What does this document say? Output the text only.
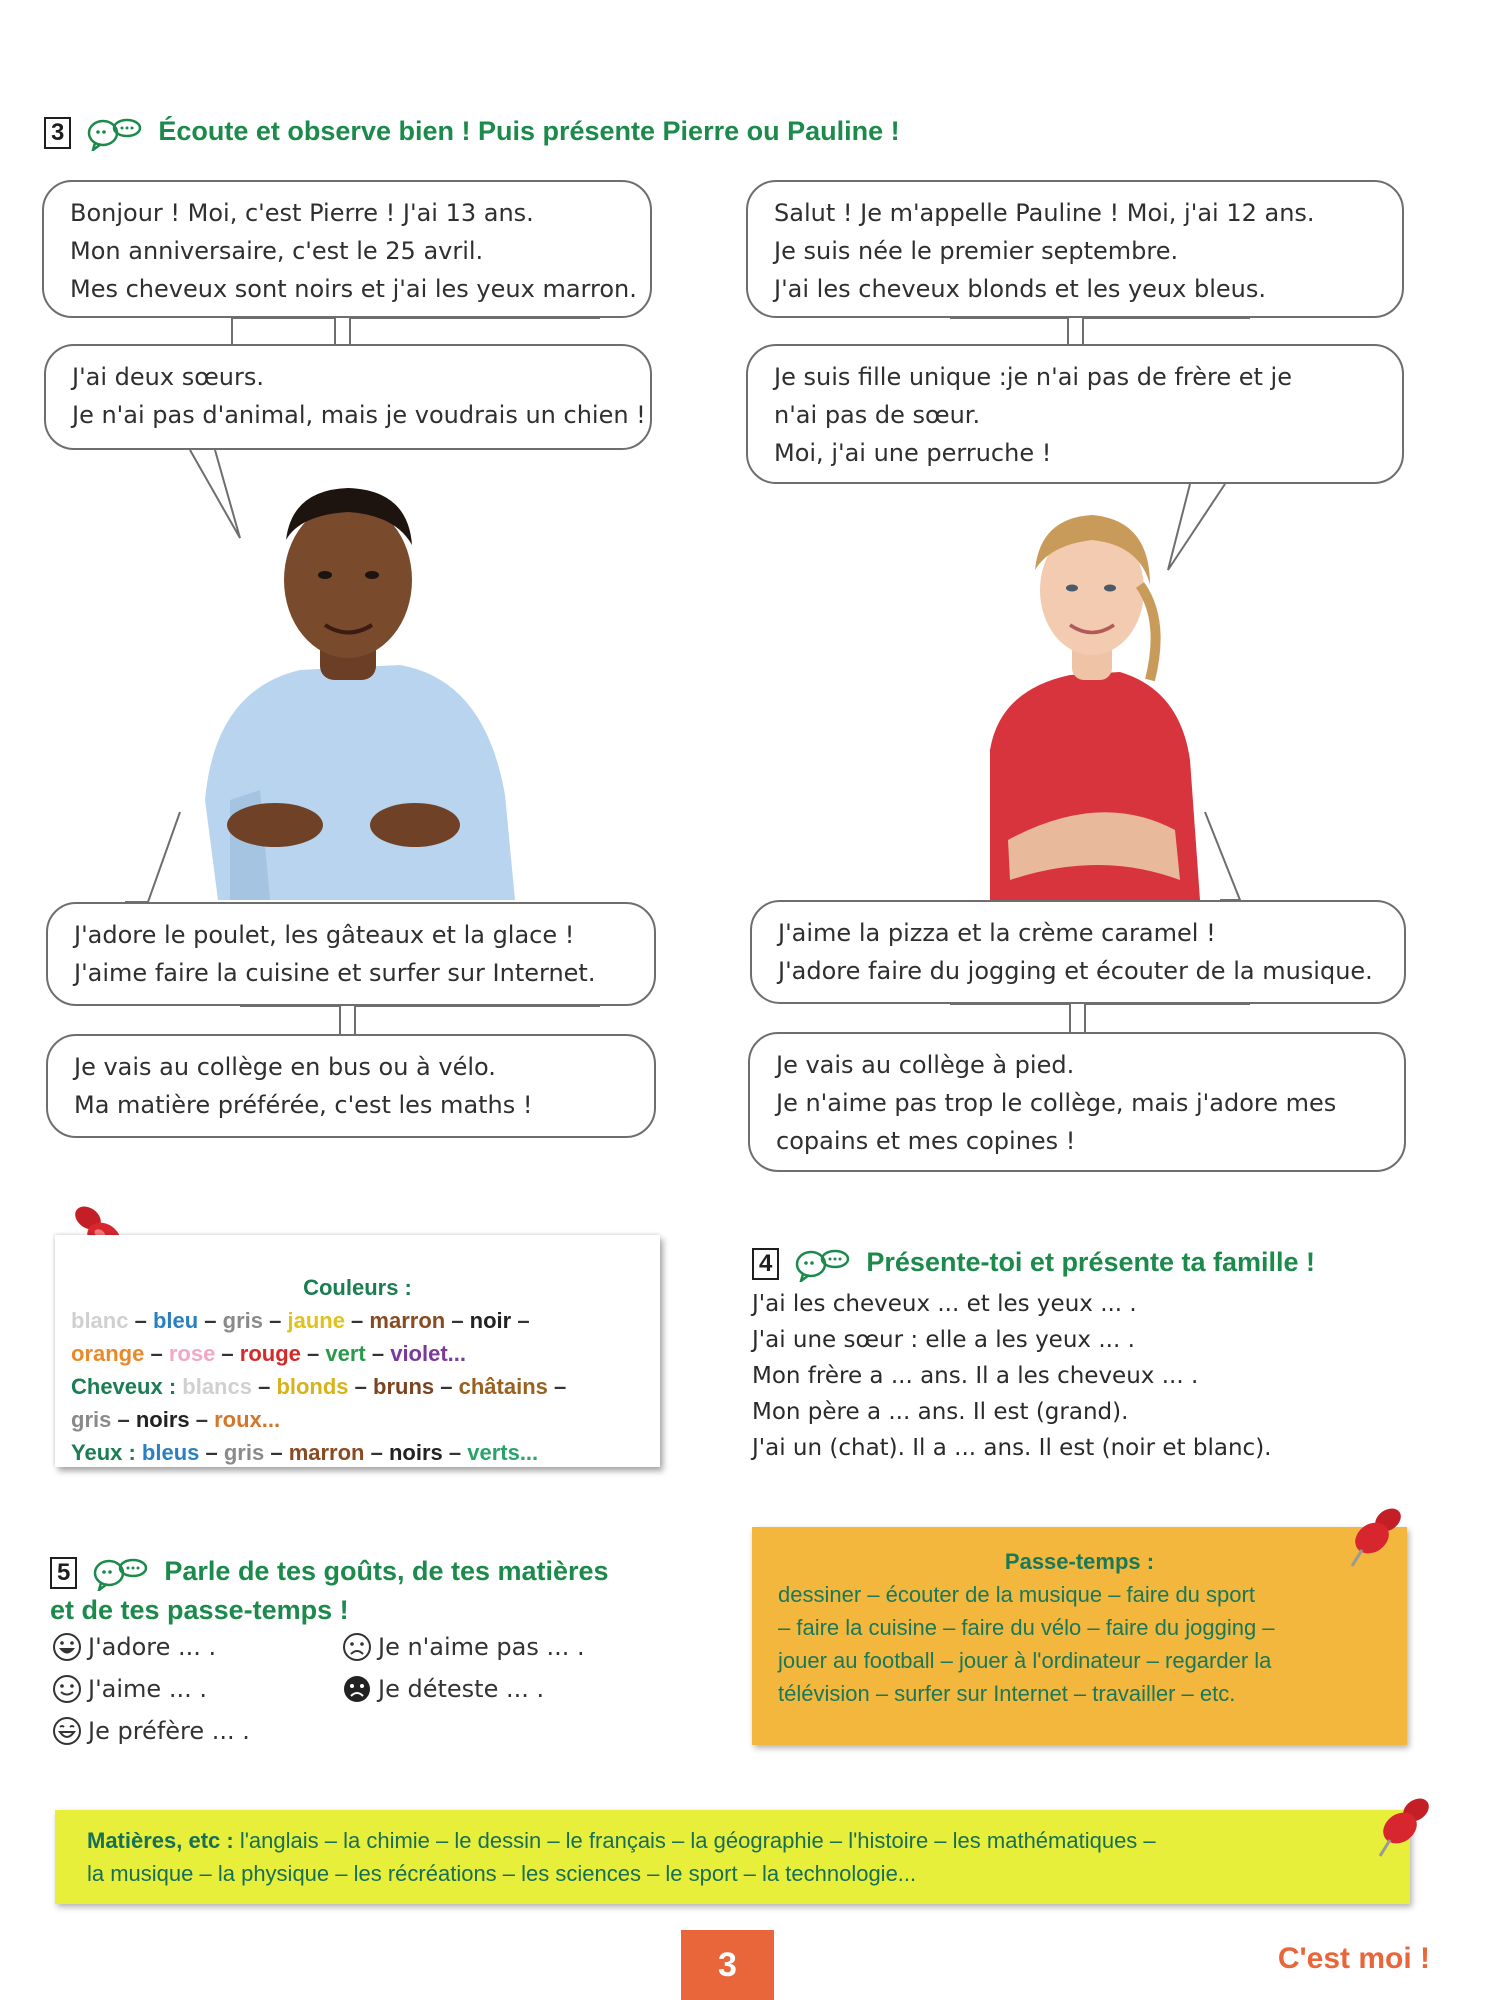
3	Écoute et observe bien ! Puis présente Pierre ou Pauline !
Bonjour ! Moi, c'est Pierre ! J'ai 13 ans.
Mon anniversaire, c'est le 25 avril.
Mes cheveux sont noirs et j'ai les yeux marron.
J'ai deux sœurs.
Je n'ai pas d'animal, mais je voudrais un chien !
J'adore le poulet, les gâteaux et la glace !
J'aime faire la cuisine et surfer sur Internet.
Je vais au collège en bus ou à vélo.
Ma matière préférée, c'est les maths !
Salut ! Je m'appelle Pauline ! Moi, j'ai 12 ans.
Je suis née le premier septembre.
J'ai les cheveux blonds et les yeux bleus.
Je suis fille unique :je n'ai pas de frère et je
n'ai pas de sœur.
Moi, j'ai une perruche !
J'aime la pizza et la crème caramel !
J'adore faire du jogging et écouter de la musique.
Je vais au collège à pied.
Je n'aime pas trop le collège, mais j'adore mes
copains et mes copines !
Couleurs :
blanc – bleu – gris – jaune – marron – noir –
orange – rose – rouge – vert – violet...
Cheveux : blancs – blonds – bruns – châtains –
gris – noirs – roux...
Yeux : bleus – gris – marron – noirs – verts...
4	Présente-toi et présente ta famille !
J'ai les cheveux ... et les yeux ... .
J'ai une sœur : elle a les yeux ... .
Mon frère a ... ans. Il a les cheveux ... .
Mon père a ... ans. Il est (grand).
J'ai un (chat). Il a ... ans. Il est (noir et blanc).
5	Parle de tes goûts, de tes matières
et de tes passe-temps !
J'adore ... .
J'aime ... .
Je préfère ... .
Je n'aime pas ... .
Je déteste ... .
Passe-temps :
dessiner – écouter de la musique – faire du sport
– faire la cuisine – faire du vélo – faire du jogging –
jouer au football – jouer à l'ordinateur – regarder la
télévision – surfer sur Internet – travailler – etc.
Matières, etc : l'anglais – la chimie – le dessin – le français – la géographie – l'histoire – les mathématiques –
la musique – la physique – les récréations – les sciences – le sport – la technologie...
3	C'est moi !
